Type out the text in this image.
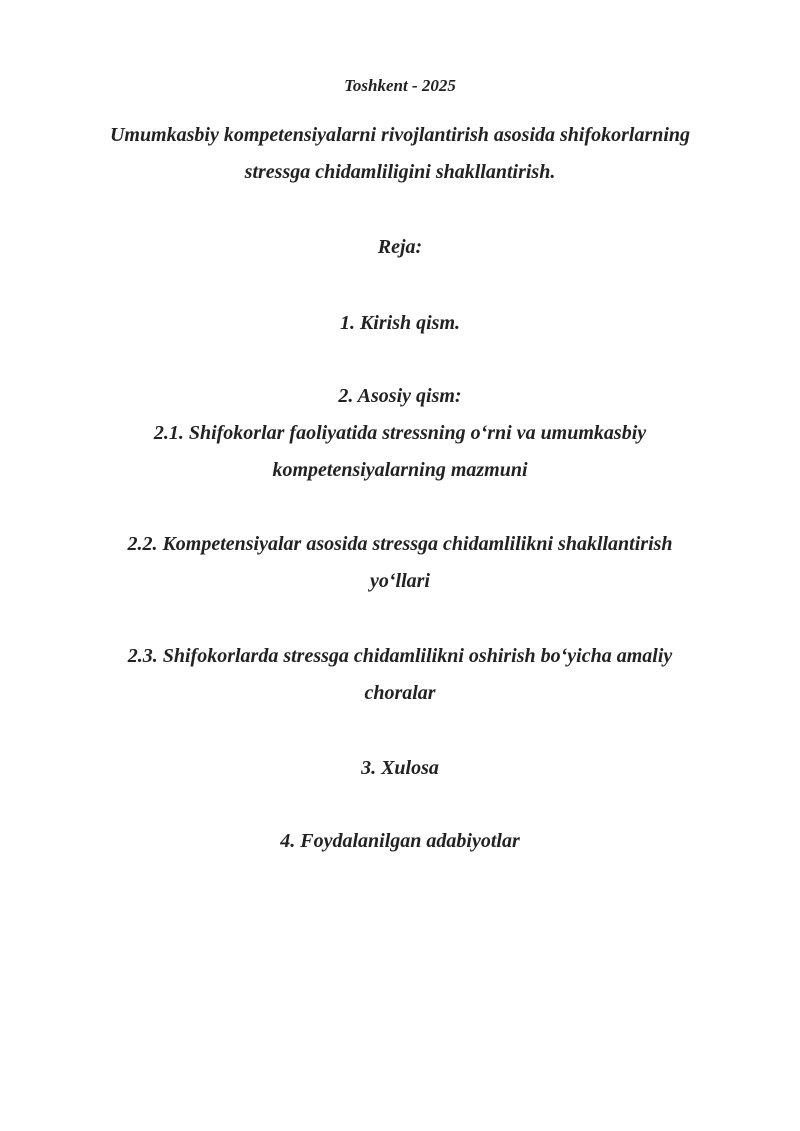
Toshkent - 2025
Umumkasbiy kompetensiyalarni rivojlantirish asosida shifokorlarning
stressga chidamliligini shakllantirish.
Reja:
1. Kirish qism.
2. Asosiy qism:
2.1. Shifokorlar faoliyatida stressning o‘rni va umumkasbiy
kompetensiyalarning mazmuni
2.2. Kompetensiyalar asosida stressga chidamlilikni shakllantirish
yo‘llari
2.3. Shifokorlarda stressga chidamlilikni oshirish bo‘yicha amaliy
choralar
3. Xulosa
4. Foydalanilgan adabiyotlar
